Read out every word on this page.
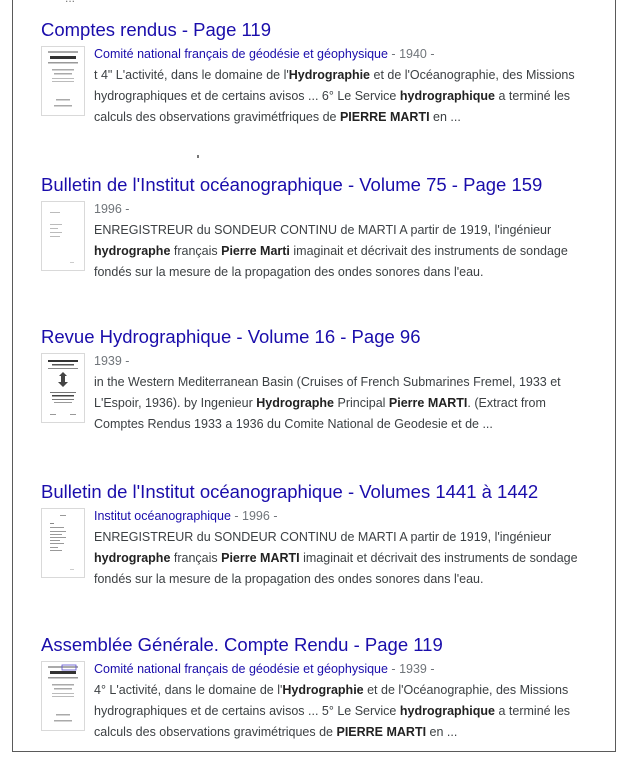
Comptes rendus - Page 119
Comité national français de géodésie et géophysique - 1940 -
t 4" L'activité, dans le domaine de l'Hydrographie et de l'Océanographie, des Missions hydrographiques et de certains avisos ... 6° Le Service hydrographique a terminé les calculs des observations gravimétfriques de PIERRE MARTI en ...
Bulletin de l'Institut océanographique - Volume 75 - Page 159
1996 -
ENREGISTREUR du SONDEUR CONTINU de MARTI A partir de 1919, l'ingénieur hydrographe français Pierre Marti imaginait et décrivait des instruments de sondage fondés sur la mesure de la propagation des ondes sonores dans l'eau.
Revue Hydrographique - Volume 16 - Page 96
1939 -
in the Western Mediterranean Basin (Cruises of French Submarines Fremel, 1933 et L'Espoir, 1936). by Ingenieur Hydrographe Principal Pierre MARTI. (Extract from Comptes Rendus 1933 a 1936 du Comite National de Geodesie et de ...
Bulletin de l'Institut océanographique - Volumes 1441 à 1442
Institut océanographique - 1996 -
ENREGISTREUR du SONDEUR CONTINU de MARTI A partir de 1919, l'ingénieur hydrographe français Pierre MARTI imaginait et décrivait des instruments de sondage fondés sur la mesure de la propagation des ondes sonores dans l'eau.
Assemblée Générale. Compte Rendu - Page 119
Comité national français de géodésie et géophysique - 1939 -
4° L'activité, dans le domaine de l'Hydrographie et de l'Océanographie, des Missions hydrographiques et de certains avisos ... 5° Le Service hydrographique a terminé les calculs des observations gravimétriques de PIERRE MARTI en ...
